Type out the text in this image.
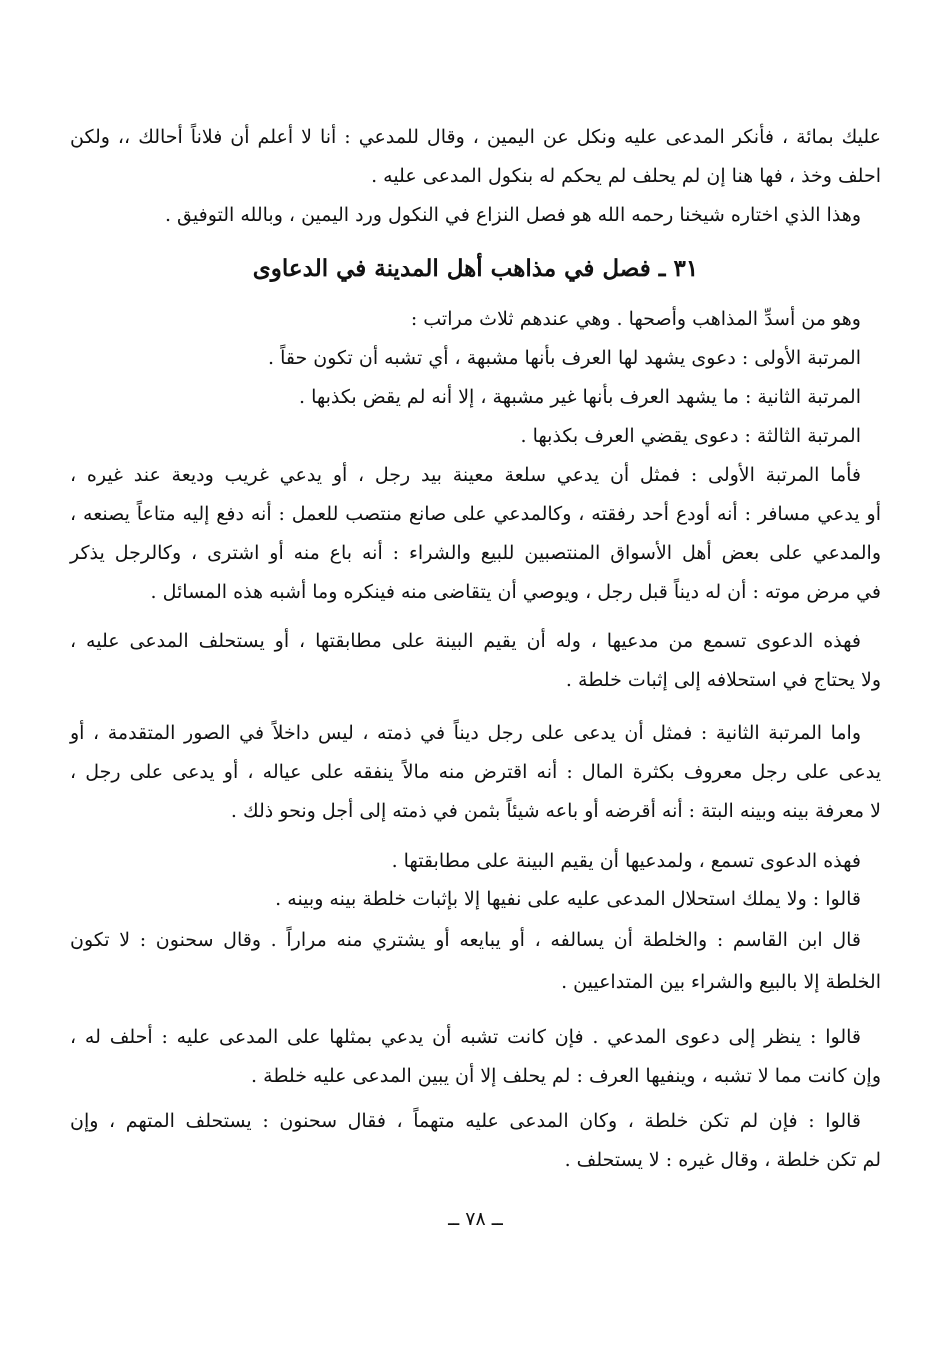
عليك بمائة ، فأنكر المدعى عليه ونكل عن اليمين ، وقال للمدعي : أنا لا أعلم أن فلاناً أحالك ،، ولكن
احلف وخذ ، فها هنا إن لم يحلف لم يحكم له بنكول المدعى عليه .
وهذا الذي اختاره شيخنا رحمه الله هو فصل النزاع في النكول ورد اليمين ، وبالله التوفيق .
٣١ ـ فصل في مذاهب أهل المدينة في الدعاوى
وهو من أسدِّ المذاهب وأصحها . وهي عندهم ثلاث مراتب :
المرتبة الأولى : دعوى يشهد لها العرف بأنها مشبهة ، أي تشبه أن تكون حقاً .
المرتبة الثانية : ما يشهد العرف بأنها غير مشبهة ، إلا أنه لم يقض بكذبها .
المرتبة الثالثة : دعوى يقضي العرف بكذبها .
فأما المرتبة الأولى : فمثل أن يدعي سلعة معينة بيد رجل ، أو يدعي غريب وديعة عند غيره ،
أو يدعي مسافر : أنه أودع أحد رفقته ، وكالمدعي على صانع منتصب للعمل : أنه دفع إليه متاعاً يصنعه ،
والمدعي على بعض أهل الأسواق المنتصبين للبيع والشراء : أنه باع منه أو اشترى ، وكالرجل يذكر
في مرض موته : أن له ديناً قبل رجل ، ويوصي أن يتقاضى منه فينكره وما أشبه هذه المسائل .
فهذه الدعوى تسمع من مدعيها ، وله أن يقيم البينة على مطابقتها ، أو يستحلف المدعى عليه ،
ولا يحتاج في استحلافه إلى إثبات خلطة .
واما المرتبة الثانية : فمثل أن يدعى على رجل ديناً في ذمته ، ليس داخلاً في الصور المتقدمة ، أو
يدعى على رجل معروف بكثرة المال : أنه اقترض منه مالاً ينفقه على عياله ، أو يدعى على رجل ،
لا معرفة بينه وبينه البتة : أنه أقرضه أو باعه شيئاً بثمن في ذمته إلى أجل ونحو ذلك .
فهذه الدعوى تسمع ، ولمدعيها أن يقيم البينة على مطابقتها .
قالوا : ولا يملك استحلال المدعى عليه على نفيها إلا بإثبات خلطة بينه وبينه .
قال ابن القاسم : والخلطة أن يسالفه ، أو يبايعه أو يشتري منه مراراً . وقال سحنون : لا تكون
الخلطة إلا بالبيع والشراء بين المتداعيين .
قالوا : ينظر إلى دعوى المدعي . فإن كانت تشبه أن يدعي بمثلها على المدعى عليه : أحلف له ،
وإن كانت مما لا تشبه ، وينفيها العرف : لم يحلف إلا أن يبين المدعى عليه خلطة .
قالوا : فإن لم تكن خلطة ، وكان المدعى عليه متهماً ، فقال سحنون : يستحلف المتهم ، وإن
لم تكن خلطة ، وقال غيره : لا يستحلف .
ــ ٧٨ ــ
